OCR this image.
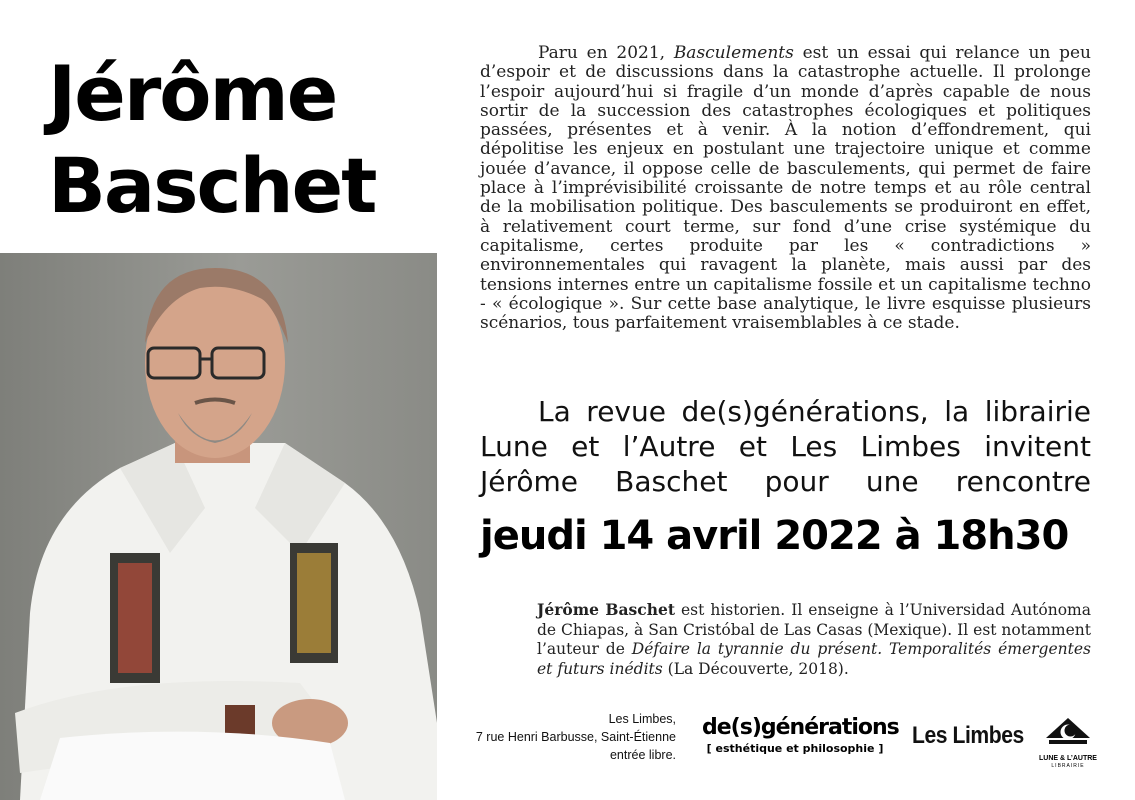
Jérôme
Baschet

Paru en 2021, Basculements est un essai qui relance un peu d’espoir et de discussions dans la catastrophe actuelle. Il prolonge l’espoir aujourd’hui si fragile d’un monde d’après capable de nous sortir de la succession des catastrophes écologiques et politiques passées, présentes et à venir. À la notion d’effondrement, qui dépolitise les enjeux en postulant une trajectoire unique et comme jouée d’avance, il oppose celle de basculements, qui permet de faire place à l’imprévisibilité croissante de notre temps et au rôle central de la mobilisation politique. Des basculements se produiront en effet, à relativement court terme, sur fond d’une crise systémique du capitalisme, certes produite par les « contradictions » environnementales qui ravagent la planète, mais aussi par des tensions internes entre un capitalisme fossile et un capitalisme techno - « écologique ». Sur cette base analytique, le livre esquisse plusieurs scénarios, tous parfaitement vraisemblables à ce stade.

La revue de(s)générations, la librairie
Lune et l’Autre et Les Limbes invitent
Jérôme Baschet pour une rencontre
jeudi 14 avril 2022 à 18h30

Jérôme Baschet est historien. Il enseigne à l’Universidad Autónoma de Chiapas, à San Cristóbal de Las Casas (Mexique). Il est notamment l’auteur de Défaire la tyrannie du présent. Temporalités émergentes et futurs inédits (La Découverte, 2018).

Les Limbes,
7 rue Henri Barbusse, Saint-Étienne
entrée libre.
de(s)générations
[ esthétique et philosophie ] Les Limbes
LUNE & L’AUTRE
LIBRAIRIE
